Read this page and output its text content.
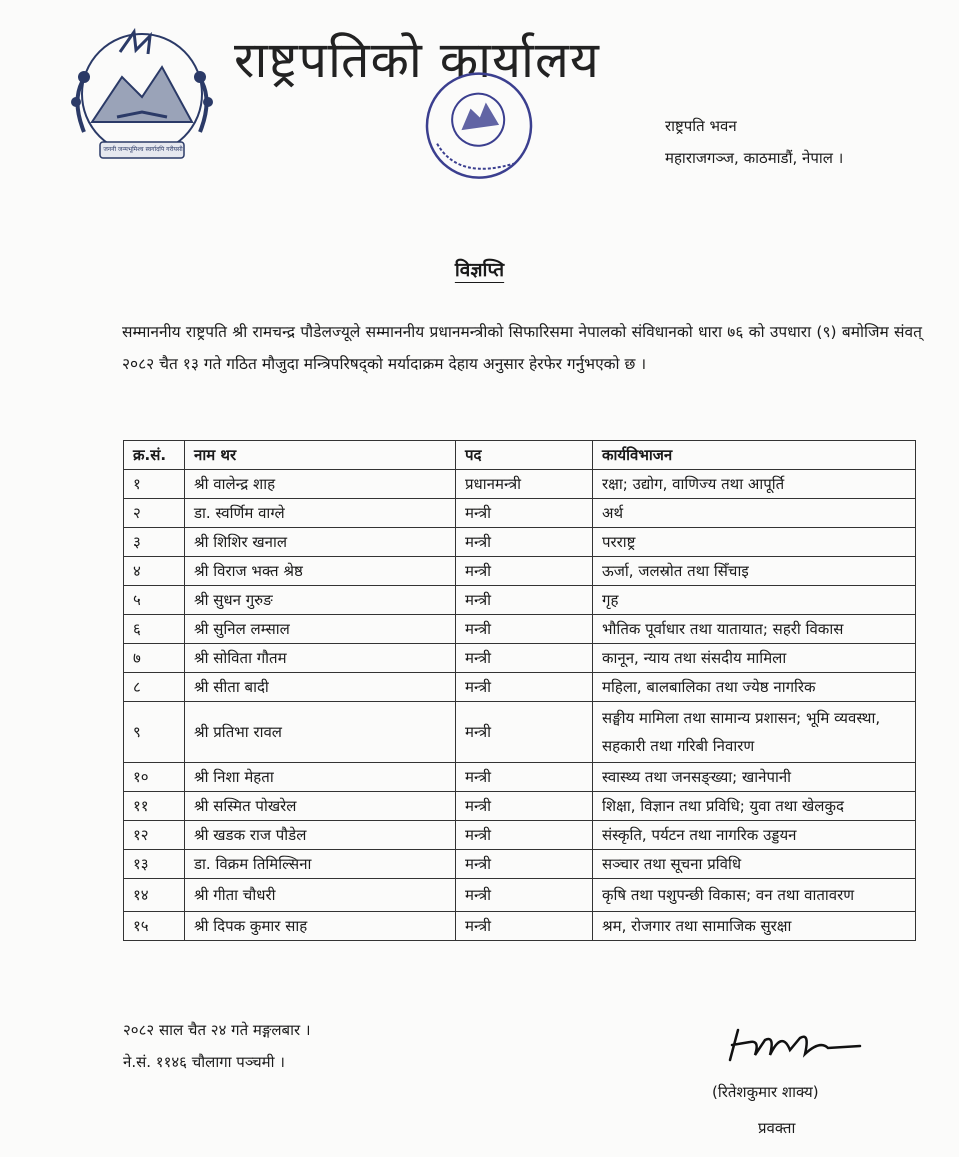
जननी जन्मभूमिश्च स्वर्गादपि गरीयसी
राष्ट्रपतिको कार्यालय
राष्ट्रपति भवन
महाराजगञ्ज, काठमाडौं, नेपाल ।
विज्ञप्ति
सम्माननीय राष्ट्रपति श्री रामचन्द्र पौडेलज्यूले सम्माननीय प्रधानमन्त्रीको सिफारिसमा नेपालको संविधानको धारा ७६ को उपधारा (९) बमोजिम संवत् २०८२ चैत १३ गते गठित मौजुदा मन्त्रिपरिषद्को मर्यादाक्रम देहाय अनुसार हेरफेर गर्नुभएको छ ।
क्र.सं.	नाम थर	पद	कार्यविभाजन
१	श्री वालेन्द्र शाह	प्रधानमन्त्री	रक्षा; उद्योग, वाणिज्य तथा आपूर्ति
२	डा. स्वर्णिम वाग्ले	मन्त्री	अर्थ
३	श्री शिशिर खनाल	मन्त्री	परराष्ट्र
४	श्री विराज भक्त श्रेष्ठ	मन्त्री	ऊर्जा, जलस्रोत तथा सिँचाइ
५	श्री सुधन गुरुङ	मन्त्री	गृह
६	श्री सुनिल लम्साल	मन्त्री	भौतिक पूर्वाधार तथा यातायात; सहरी विकास
७	श्री सोविता गौतम	मन्त्री	कानून, न्याय तथा संसदीय मामिला
८	श्री सीता बादी	मन्त्री	महिला, बालबालिका तथा ज्येष्ठ नागरिक
९	श्री प्रतिभा रावल	मन्त्री	सङ्घीय मामिला तथा सामान्य प्रशासन; भूमि व्यवस्था, सहकारी तथा गरिबी निवारण
१०	श्री निशा मेहता	मन्त्री	स्वास्थ्य तथा जनसङ्ख्या; खानेपानी
११	श्री सस्मित पोखरेल	मन्त्री	शिक्षा, विज्ञान तथा प्रविधि; युवा तथा खेलकुद
१२	श्री खडक राज पौडेल	मन्त्री	संस्कृति, पर्यटन तथा नागरिक उड्डयन
१३	डा. विक्रम तिमिल्सिना	मन्त्री	सञ्चार तथा सूचना प्रविधि
१४	श्री गीता चौधरी	मन्त्री	कृषि तथा पशुपन्छी विकास; वन तथा वातावरण
१५	श्री दिपक कुमार साह	मन्त्री	श्रम, रोजगार तथा सामाजिक सुरक्षा
२०८२ साल चैत २४ गते मङ्गलबार ।
ने.सं. ११४६ चौलागा पञ्चमी ।
(रितेशकुमार शाक्य)
प्रवक्ता
